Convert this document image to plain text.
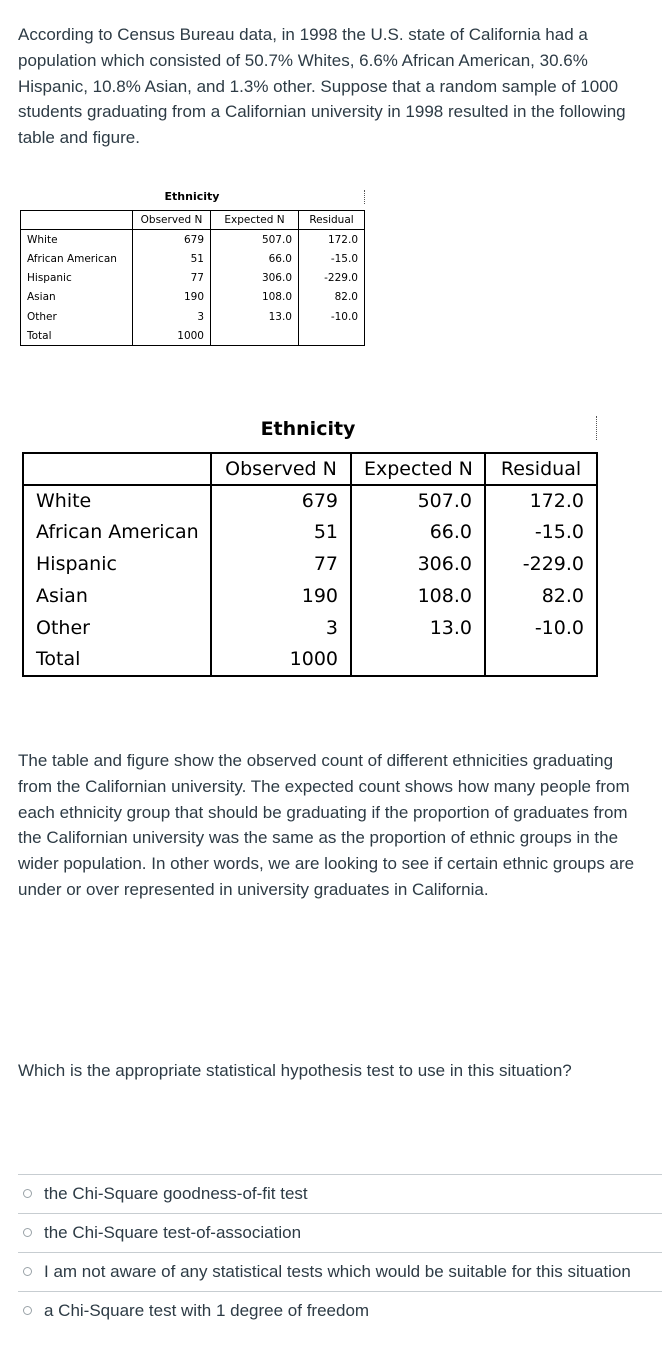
According to Census Bureau data, in 1998 the U.S. state of California had a population which consisted of 50.7% Whites, 6.6% African American, 30.6% Hispanic, 10.8% Asian, and 1.3% other. Suppose that a random sample of 1000 students graduating from a Californian university in 1998 resulted in the following table and figure.

Ethnicity
	Observed N	Expected N	Residual
White	679	507.0	172.0
African American	51	66.0	-15.0
Hispanic	77	306.0	-229.0
Asian	190	108.0	82.0
Other	3	13.0	-10.0
Total	1000		
Ethnicity
	Observed N	Expected N	Residual
White	679	507.0	172.0
African American	51	66.0	-15.0
Hispanic	77	306.0	-229.0
Asian	190	108.0	82.0
Other	3	13.0	-10.0
Total	1000		

The table and figure show the observed count of different ethnicities graduating from the Californian university. The expected count shows how many people from each ethnicity group that should be graduating if the proportion of graduates from the Californian university was the same as the proportion of ethnic groups in the wider population. In other words, we are looking to see if certain ethnic groups are under or over represented in university graduates in California.

Which is the appropriate statistical hypothesis test to use in this situation?

the Chi-Square goodness-of-fit test
the Chi-Square test-of-association
I am not aware of any statistical tests which would be suitable for this situation
a Chi-Square test with 1 degree of freedom
